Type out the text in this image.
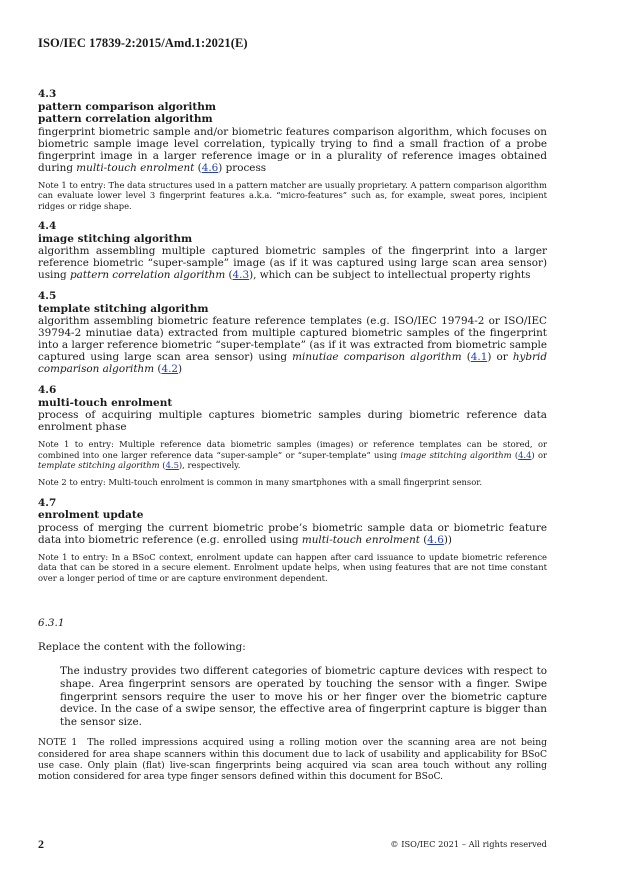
ISO/IEC 17839-2:2015/Amd.1:2021(E)
4.3
pattern comparison algorithm
pattern correlation algorithm

fingerprint biometric sample and/or biometric features comparison algorithm, which focuses on biometric sample image level correlation, typically trying to find a small fraction of a probe fingerprint image in a larger reference image or in a plurality of reference images obtained during multi-touch enrolment (4.6) process

Note 1 to entry: The data structures used in a pattern matcher are usually proprietary. A pattern comparison algorithm can evaluate lower level 3 fingerprint features a.k.a. “micro-features” such as, for example, sweat pores, incipient ridges or ridge shape.

4.4
image stitching algorithm

algorithm assembling multiple captured biometric samples of the fingerprint into a larger reference biometric “super-sample” image (as if it was captured using large scan area sensor) using pattern correlation algorithm (4.3), which can be subject to intellectual property rights

4.5
template stitching algorithm

algorithm assembling biometric feature reference templates (e.g. ISO/IEC 19794-2 or ISO/IEC 39794-2 minutiae data) extracted from multiple captured biometric samples of the fingerprint into a larger reference biometric “super-template” (as if it was extracted from biometric sample captured using large scan area sensor) using minutiae comparison algorithm (4.1) or hybrid comparison algorithm (4.2)

4.6
multi-touch enrolment

process of acquiring multiple captures biometric samples during biometric reference data enrolment phase

Note 1 to entry: Multiple reference data biometric samples (images) or reference templates can be stored, or combined into one larger reference data “super-sample” or “super-template” using image stitching algorithm (4.4) or template stitching algorithm (4.5), respectively.

Note 2 to entry: Multi-touch enrolment is common in many smartphones with a small fingerprint sensor.

4.7
enrolment update

process of merging the current biometric probe’s biometric sample data or biometric feature data into biometric reference (e.g. enrolled using multi-touch enrolment (4.6))

Note 1 to entry: In a BSoC context, enrolment update can happen after card issuance to update biometric reference data that can be stored in a secure element. Enrolment update helps, when using features that are not time constant over a longer period of time or are capture environment dependent.

6.3.1
Replace the content with the following:
The industry provides two different categories of biometric capture devices with respect to shape. Area fingerprint sensors are operated by touching the sensor with a finger. Swipe fingerprint sensors require the user to move his or her finger over the biometric capture device. In the case of a swipe sensor, the effective area of fingerprint capture is bigger than the sensor size.
NOTE 1 The rolled impressions acquired using a rolling motion over the scanning area are not being considered for area shape scanners within this document due to lack of usability and applicability for BSoC use case. Only plain (flat) live-scan fingerprints being acquired via scan area touch without any rolling motion considered for area type finger sensors defined within this document for BSoC.
2	© ISO/IEC 2021 – All rights reserved
